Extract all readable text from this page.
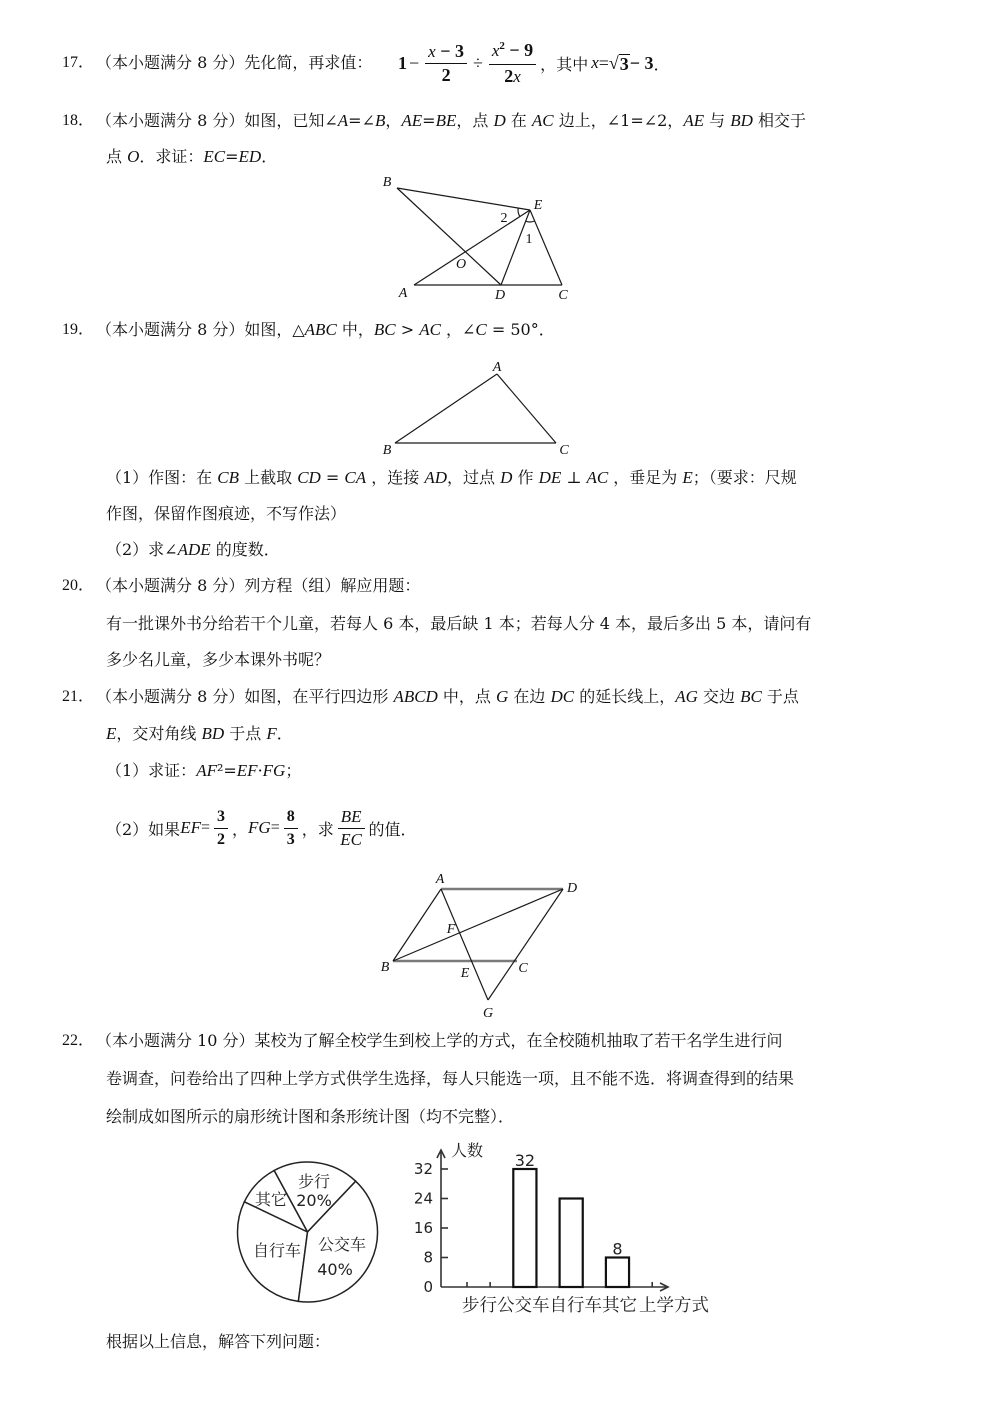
17． （本小题满分 8 分）先化简，再求值： $1 - \frac{x - 3}{2} \div \frac{x^2 - 9}{2x}$ ， 其中 x = √ 3 − 3 ．
18． （本小题满分 8 分）如图，已知∠A=∠B，AE=BE，点 D 在 AC 边上，∠1=∠2，AE 与 BD 相交于
点 O．求证：EC=ED．
B
E
2
1
O
A	D	C
19． （本小题满分 8 分）如图，△ABC 中，BC > AC ，∠C = 50°．
A
B	C
（1）作图：在 CB 上截取 CD = CA ，连接 AD，过点 D 作 DE ⊥ AC ，垂足为 E；（要求：尺规
作图，保留作图痕迹，不写作法）
（2）求∠ADE 的度数．
20． （本小题满分 8 分）列方程（组）解应用题：
有一批课外书分给若干个儿童，若每人 6 本，最后缺 1 本；若每人分 4 本，最后多出 5 本，请问有
多少名儿童，多少本课外书呢？
21． （本小题满分 8 分）如图，在平行四边形 ABCD 中，点 G 在边 DC 的延长线上，AG 交边 BC 于点
E，交对角线 BD 于点 F．
（1）求证：AF²=EF·FG；
（2）如果 EF = $\frac{3}{2}$ ， FG = $\frac{8}{3}$ ，求 $\frac{BE}{EC}$ 的值．
A
D
F
B	E	C
G
22． （本小题满分 10 分）某校为了解全校学生到校上学的方式，在全校随机抽取了若干名学生进行问
卷调查，问卷给出了四种上学方式供学生选择，每人只能选一项，且不能不选．将调查得到的结果
绘制成如图所示的扇形统计图和条形统计图（均不完整）．
步行
20%
其它
自行车 公交车
40%
人数
0
8
16
24
32	32
8
步行 公交车 自行车 其它 上学方式
根据以上信息，解答下列问题：
